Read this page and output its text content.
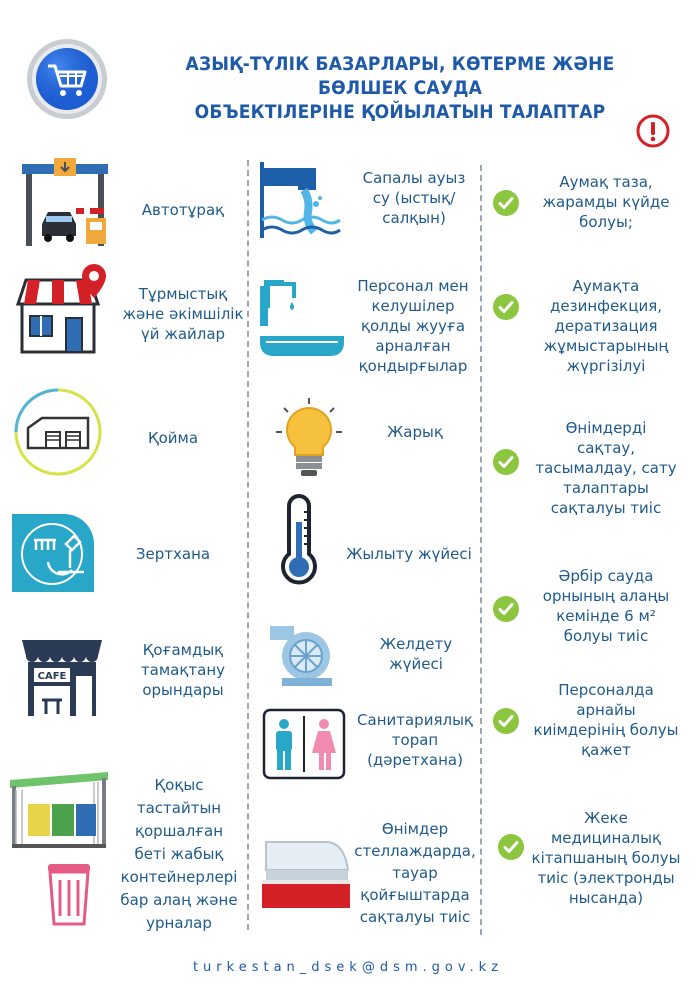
АЗЫҚ-ТҮЛІК БАЗАРЛАРЫ, КӨТЕРМЕ ЖӘНЕ БӨЛШЕК САУДА
ОБЪЕКТІЛЕРІНЕ ҚОЙЫЛАТЫН ТАЛАПТАР
CAFE
Автотұрақ
Тұрмыстық
және әкімшілік
үй жайлар
Қойма
Зертхана
Қоғамдық
тамақтану
орындары
Қоқыс
тастайтын
қоршалған
беті жабық
контейнерлері
бар алаң және
урналар
Сапалы ауыз
су (ыстық/
салқын)
Персонал мен
келушілер
қолды жууға
арналған
қондырғылар
Жарық
Жылыту жүйесі
Желдету
жүйесі
Санитариялық
торап
(дәретхана)
Өнімдер
стеллаждарда,
тауар
қойғыштарда
сақталуы тиіс
Аумақ таза,
жарамды күйде
болуы;
Аумақта
дезинфекция,
дератизация
жұмыстарының
жүргізілуі
Өнімдерді
сақтау,
тасымалдау, сату
талаптары
сақталуы тиіс
Әрбір сауда
орнының алаңы
кемінде 6 м²
болуы тиіс
Персоналда
арнайы
киімдерінің болуы
қажет
Жеке
медициналық
кітапшаның болуы
тиіс (электронды
нысанда)
turkestan_dsek@dsm.gov.kz
